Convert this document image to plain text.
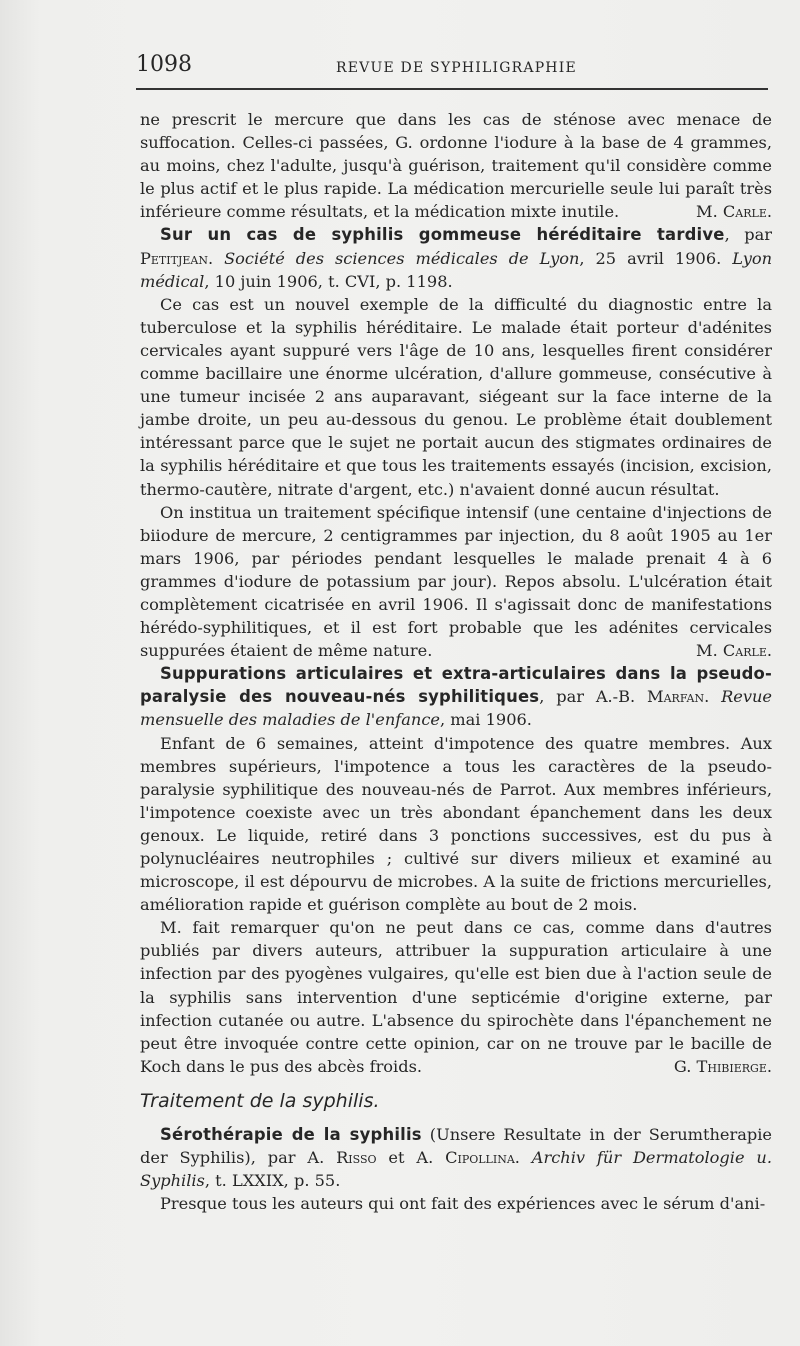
1098	REVUE DE SYPHILIGRAPHIE

ne prescrit le mercure que dans les cas de sténose avec menace de suffocation. Celles-ci passées, G. ordonne l'iodure à la base de 4 grammes, au moins, chez l'adulte, jusqu'à guérison, traitement qu'il considère comme le plus actif et le plus rapide. La médication mercurielle seule lui paraît très inférieure comme résultats, et la médication mixte inutile.	M. Carle.

Sur un cas de syphilis gommeuse héréditaire tardive, par Petitjean. Société des sciences médicales de Lyon, 25 avril 1906. Lyon médical, 10 juin 1906, t. CVI, p. 1198.

Ce cas est un nouvel exemple de la difficulté du diagnostic entre la tuberculose et la syphilis héréditaire. Le malade était porteur d'adénites cervicales ayant suppuré vers l'âge de 10 ans, lesquelles firent considérer comme bacillaire une énorme ulcération, d'allure gommeuse, consécutive à une tumeur incisée 2 ans auparavant, siégeant sur la face interne de la jambe droite, un peu au-dessous du genou. Le problème était doublement intéressant parce que le sujet ne portait aucun des stigmates ordinaires de la syphilis héréditaire et que tous les traitements essayés (incision, excision, thermo-cautère, nitrate d'argent, etc.) n'avaient donné aucun résultat.

On institua un traitement spécifique intensif (une centaine d'injections de biiodure de mercure, 2 centigrammes par injection, du 8 août 1905 au 1er mars 1906, par périodes pendant lesquelles le malade prenait 4 à 6 grammes d'iodure de potassium par jour). Repos absolu. L'ulcération était complètement cicatrisée en avril 1906. Il s'agissait donc de manifestations hérédo-syphilitiques, et il est fort probable que les adénites cervicales suppurées étaient de même nature.	M. Carle.

Suppurations articulaires et extra-articulaires dans la pseudo-paralysie des nouveau-nés syphilitiques, par A.-B. Marfan. Revue mensuelle des maladies de l'enfance, mai 1906.

Enfant de 6 semaines, atteint d'impotence des quatre membres. Aux membres supérieurs, l'impotence a tous les caractères de la pseudo-paralysie syphilitique des nouveau-nés de Parrot. Aux membres inférieurs, l'impotence coexiste avec un très abondant épanchement dans les deux genoux. Le liquide, retiré dans 3 ponctions successives, est du pus à polynucléaires neutrophiles ; cultivé sur divers milieux et examiné au microscope, il est dépourvu de microbes. A la suite de frictions mercurielles, amélioration rapide et guérison complète au bout de 2 mois.

M. fait remarquer qu'on ne peut dans ce cas, comme dans d'autres publiés par divers auteurs, attribuer la suppuration articulaire à une infection par des pyogènes vulgaires, qu'elle est bien due à l'action seule de la syphilis sans intervention d'une septicémie d'origine externe, par infection cutanée ou autre. L'absence du spirochète dans l'épanchement ne peut être invoquée contre cette opinion, car on ne trouve par le bacille de Koch dans le pus des abcès froids.	G. Thibierge.

Traitement de la syphilis.

Sérothérapie de la syphilis (Unsere Resultate in der Serumtherapie der Syphilis), par A. Risso et A. Cipollina. Archiv für Dermatologie u. Syphilis, t. LXXIX, p. 55.

Presque tous les auteurs qui ont fait des expériences avec le sérum d'ani-
